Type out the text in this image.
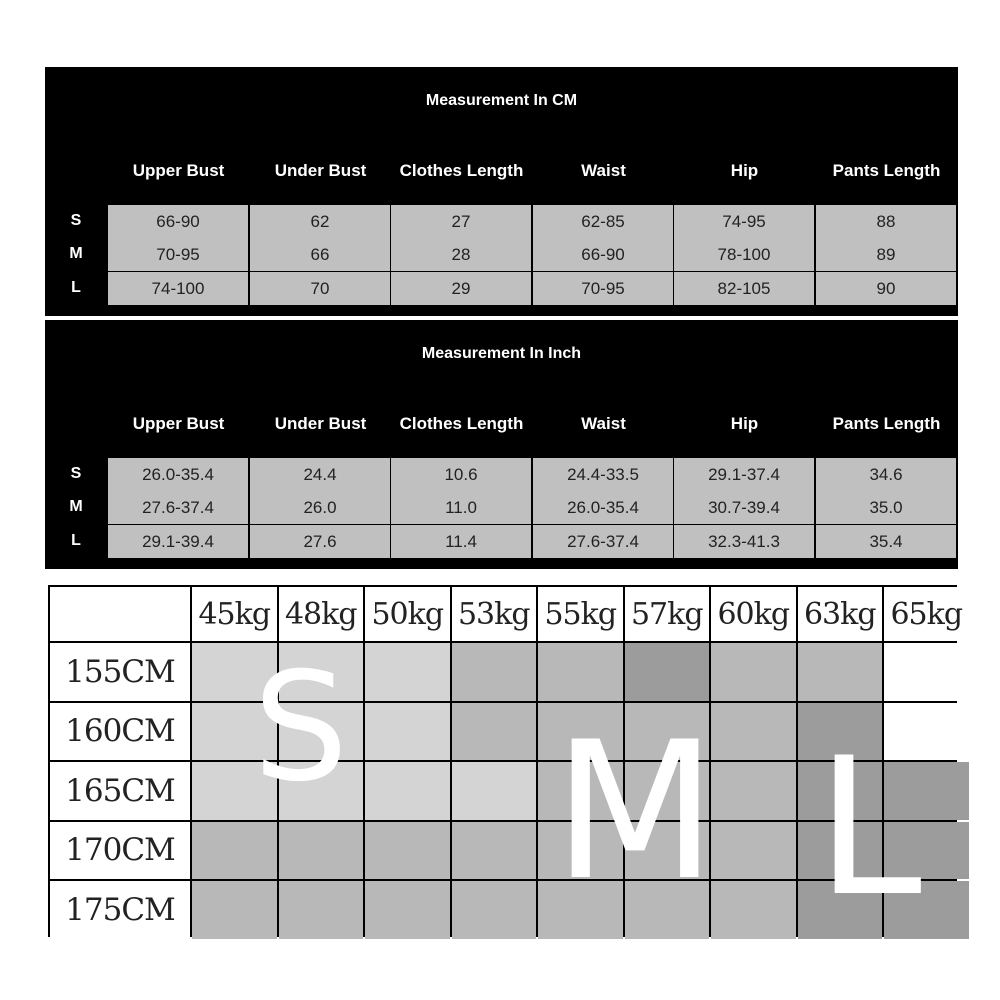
Measurement In CM
Upper Bust	Under Bust	Clothes Length	Waist	Hip	Pants Length
S	66-90	62	27	62-85	74-95	88
M	70-95	66	28	66-90	78-100	89
L	74-100	70	29	70-95	82-105	90
Measurement In Inch
Upper Bust	Under Bust	Clothes Length	Waist	Hip	Pants Length
S	26.0-35.4	24.4	10.6	24.4-33.5	29.1-37.4	34.6
M	27.6-37.4	26.0	11.0	26.0-35.4	30.7-39.4	35.0
L	29.1-39.4	27.6	11.4	27.6-37.4	32.3-41.3	35.4
45kg 48kg 50kg 53kg 55kg 57kg 60kg 63kg 65kg
155CM
160CM
165CM
170CM
175CM
S M L
